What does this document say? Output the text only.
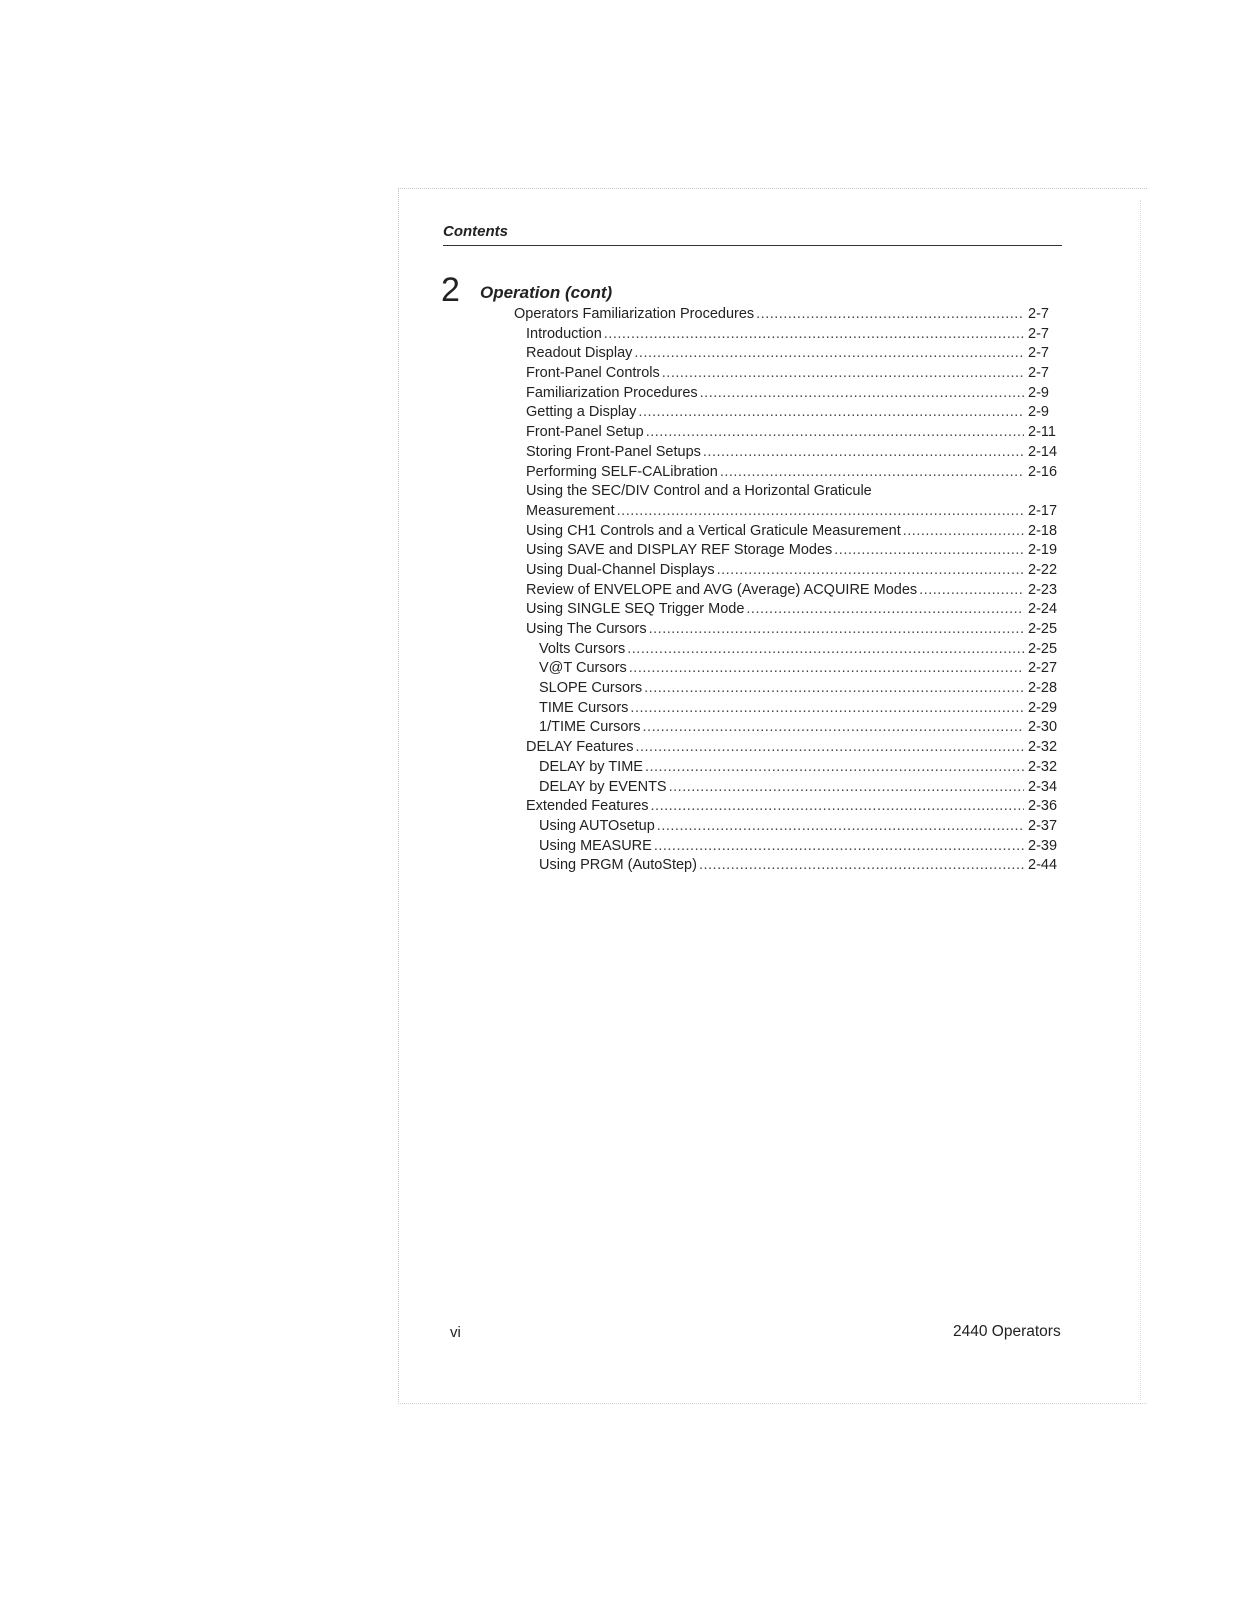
Contents
2 Operation (cont)
Operators Familiarization Procedures .....	2-7
Introduction .....	2-7
Readout Display .....	2-7
Front-Panel Controls .....	2-7
Familiarization Procedures .....	2-9
Getting a Display .....	2-9
Front-Panel Setup .....	2-11
Storing Front-Panel Setups .....	2-14
Performing SELF-CALibration .....	2-16
Using the SEC/DIV Control and a Horizontal Graticule
Measurement .....	2-17
Using CH1 Controls and a Vertical Graticule Measurement .....	2-18
Using SAVE and DISPLAY REF Storage Modes .....	2-19
Using Dual-Channel Displays .....	2-22
Review of ENVELOPE and AVG (Average) ACQUIRE Modes .....	2-23
Using SINGLE SEQ Trigger Mode .....	2-24
Using The Cursors .....	2-25
Volts Cursors .....	2-25
V@T Cursors .....	2-27
SLOPE Cursors .....	2-28
TIME Cursors .....	2-29
1/TIME Cursors .....	2-30
DELAY Features .....	2-32
DELAY by TIME .....	2-32
DELAY by EVENTS .....	2-34
Extended Features .....	2-36
Using AUTOsetup .....	2-37
Using MEASURE .....	2-39
Using PRGM (AutoStep) .....	2-44
vi	2440 Operators
